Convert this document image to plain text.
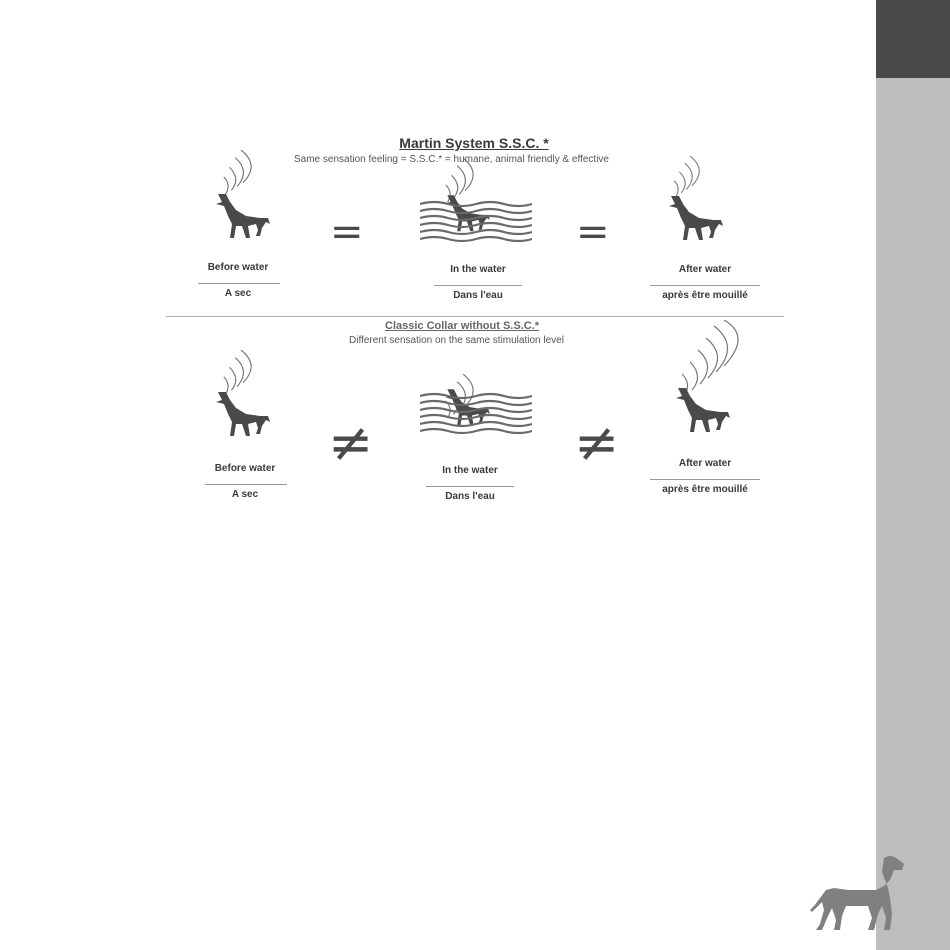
Martin System S.S.C. *
Same sensation feeling = S.S.C.* = humane, animal friendly & effective
Before water
A sec
=
In the water
Dans l'eau
=
After water
après être mouillé
Classic Collar without S.S.C.*
Different sensation on the same stimulation level
Before water
A sec
≠	In the water
Dans l'eau
≠	After water
après être mouillé
